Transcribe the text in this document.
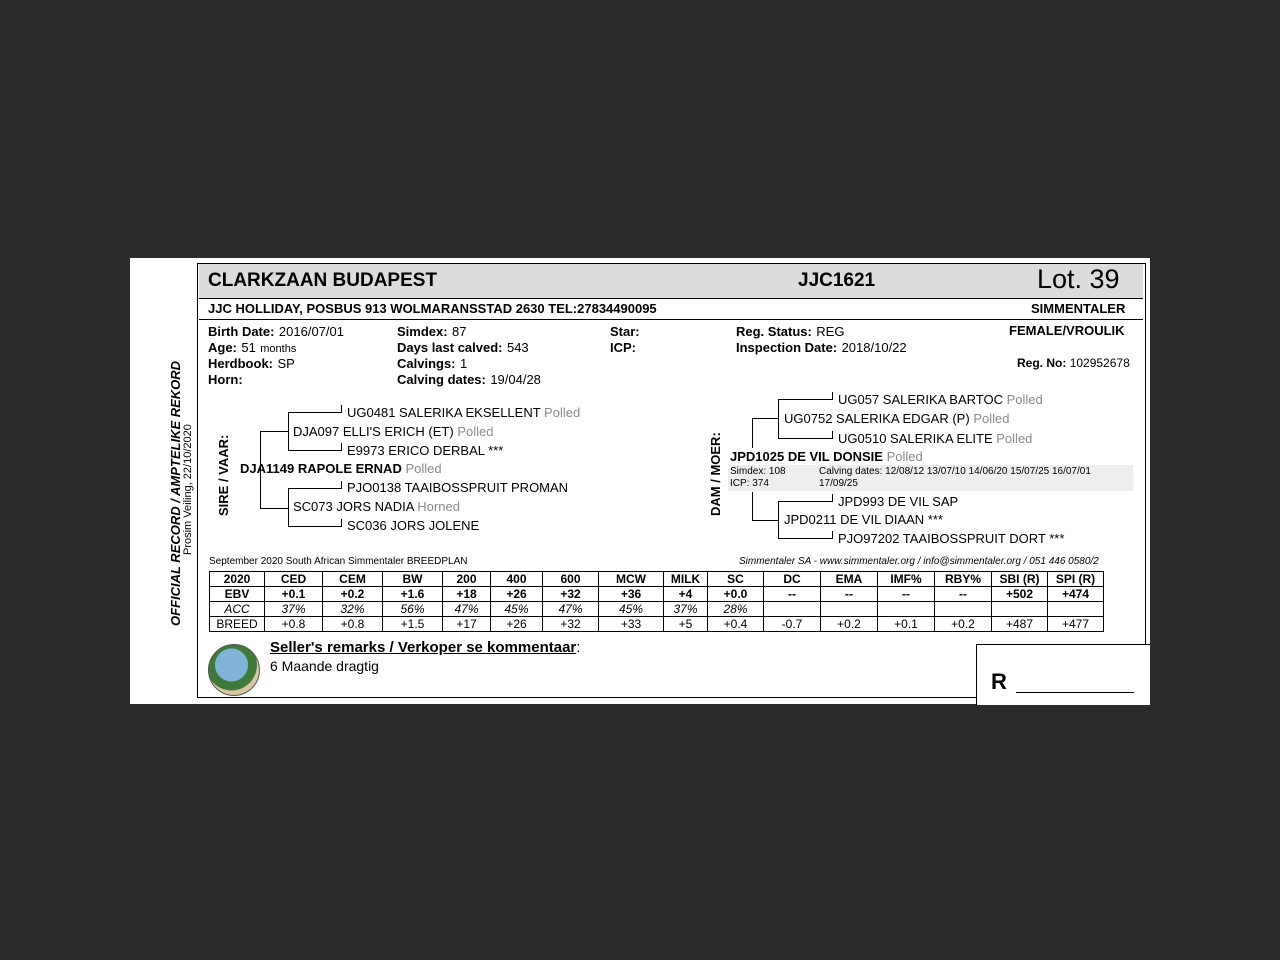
OFFICIAL RECORD / AMPTELIKE REKORD Prosim Veiling, 22/10/2020
CLARKZAAN BUDAPEST	JJC1621	Lot. 39
JJC HOLLIDAY, POSBUS 913 WOLMARANSSTAD 2630 TEL:27834490095	SIMMENTALER
Birth Date: 2016/07/01
Age: 51 months
Herdbook: SP
Horn:
Simdex: 87
Days last calved: 543
Calvings: 1
Calving dates: 19/04/28
Star:
ICP:
Reg. Status: REG
Inspection Date: 2018/10/22
FEMALE/VROULIK
Reg. No: 102952678
SIRE / VAAR:
UG0481 SALERIKA EKSELLENT Polled
DJA097 ELLI'S ERICH (ET) Polled
E9973 ERICO DERBAL ***
DJA1149 RAPOLE ERNAD Polled
PJO0138 TAAIBOSSPRUIT PROMAN
SC073 JORS NADIA Horned
SC036 JORS JOLENE
DAM / MOER:
UG057 SALERIKA BARTOC Polled
UG0752 SALERIKA EDGAR (P) Polled
UG0510 SALERIKA ELITE Polled
JPD1025 DE VIL DONSIE Polled
Simdex: 108
ICP: 374
Calving dates: 12/08/12 13/07/10 14/06/20 15/07/25 16/07/01
17/09/25
JPD993 DE VIL SAP
JPD0211 DE VIL DIAAN ***
PJO97202 TAAIBOSSPRUIT DORT ***
September 2020 South African Simmentaler BREEDPLAN	Simmentaler SA - www.simmentaler.org / info@simmentaler.org / 051 446 0580/2
2020	CED	CEM	BW	200	400	600	MCW	MILK	SC	DC	EMA	IMF%	RBY%	SBI (R)	SPI (R)
EBV	+0.1	+0.2	+1.6	+18	+26	+32	+36	+4	+0.0	--	--	--	--	+502	+474
ACC	37%	32%	56%	47%	45%	47%	45%	37%	28%						
BREED	+0.8	+0.8	+1.5	+17	+26	+32	+33	+5	+0.4	-0.7	+0.2	+0.1	+0.2	+487	+477
Seller's remarks / Verkoper se kommentaar:
6 Maande dragtig
R
